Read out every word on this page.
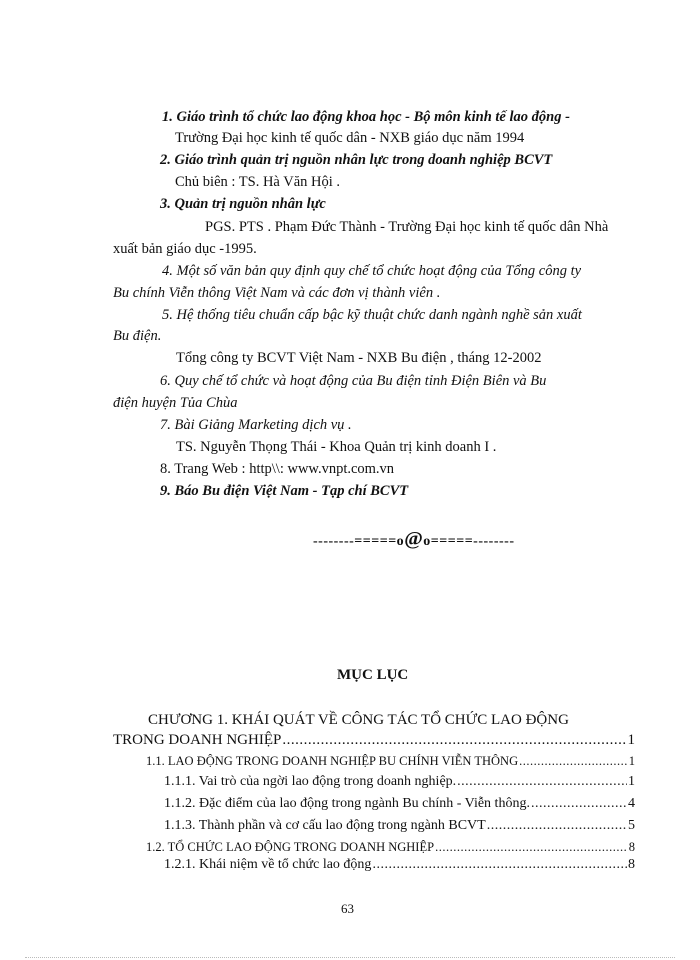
1. Giáo trình tổ chức lao động khoa học - Bộ môn kinh tế lao động -
Trường Đại học kinh tế quốc dân - NXB giáo dục năm 1994
2. Giáo trình quản trị nguồn nhân lực trong doanh nghiệp BCVT
Chủ biên : TS. Hà Văn Hội .
3. Quản trị nguồn nhân lực
PGS. PTS . Phạm Đức Thành - Trường Đại học kinh tế quốc dân Nhà
xuất bản giáo dục -1995.
4. Một số văn bản quy định quy chế tổ chức hoạt động của Tổng công ty
Bu chính Viễn thông Việt Nam và các đơn vị thành viên .
5. Hệ thống tiêu chuẩn cấp bậc kỹ thuật chức danh ngành nghề sản xuất
Bu điện.
Tổng công ty BCVT Việt Nam - NXB Bu điện , tháng 12-2002
6. Quy chế tổ chức và hoạt động của Bu điện tỉnh Điện Biên và Bu
điện huyện Tủa Chùa
7. Bài Giảng Marketing dịch vụ .
TS. Nguyễn Thọng Thái - Khoa Quản trị kinh doanh I .
8. Trang Web : http\\: www.vnpt.com.vn
9. Báo Bu điện Việt Nam - Tạp chí BCVT
--------=====o@o=====--------
MỤC LỤC
CHƯƠNG 1. KHÁI QUÁT VỀ CÔNG TÁC TỔ CHỨC LAO ĐỘNG
TRONG DOANH NGHIỆP .....	1
1.1. LAO ĐỘNG TRONG DOANH NGHIỆP BU CHÍNH VIỄN THÔNG .....	1
1.1.1. Vai trò của ngời lao động trong doanh nghiệp. .....	1
1.1.2. Đặc điểm của lao động trong ngành Bu chính - Viễn thông. .....	4
1.1.3. Thành phần và cơ cấu lao động trong ngành BCVT .....	5
1.2. TỔ CHỨC LAO ĐỘNG TRONG DOANH NGHIỆP .....	8
1.2.1. Khái niệm về tổ chức lao động .....	8
63
